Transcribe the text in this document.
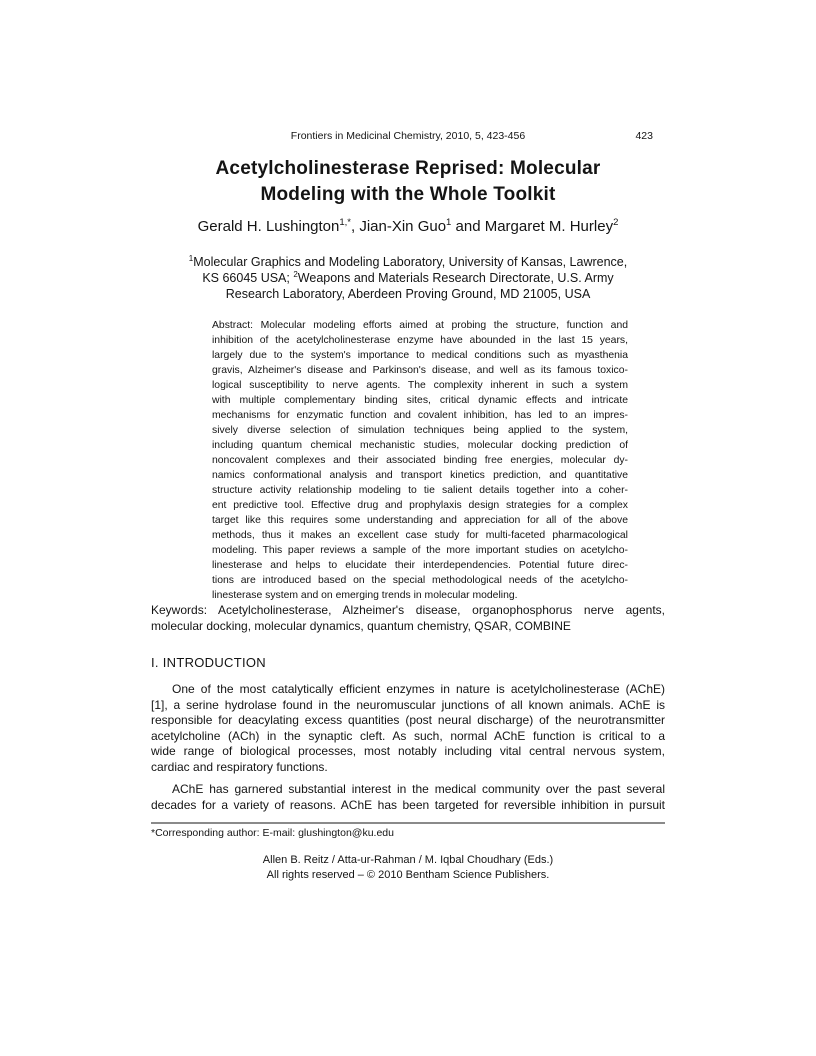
Frontiers in Medicinal Chemistry, 2010, 5, 423-456	423
Acetylcholinesterase Reprised: Molecular
Modeling with the Whole Toolkit
Gerald H. Lushington$^{1,*}$, Jian-Xin Guo$^1$ and Margaret M. Hurley$^2$
$^1$Molecular Graphics and Modeling Laboratory, University of Kansas, Lawrence,
KS 66045 USA; $^2$Weapons and Materials Research Directorate, U.S. Army
Research Laboratory, Aberdeen Proving Ground, MD 21005, USA
Abstract: Molecular modeling efforts aimed at probing the structure, function and
inhibition of the acetylcholinesterase enzyme have abounded in the last 15 years,
largely due to the system's importance to medical conditions such as myasthenia
gravis, Alzheimer's disease and Parkinson's disease, and well as its famous toxico-
logical susceptibility to nerve agents. The complexity inherent in such a system
with multiple complementary binding sites, critical dynamic effects and intricate
mechanisms for enzymatic function and covalent inhibition, has led to an impres-
sively diverse selection of simulation techniques being applied to the system,
including quantum chemical mechanistic studies, molecular docking prediction of
noncovalent complexes and their associated binding free energies, molecular dy-
namics conformational analysis and transport kinetics prediction, and quantitative
structure activity relationship modeling to tie salient details together into a coher-
ent predictive tool. Effective drug and prophylaxis design strategies for a complex
target like this requires some understanding and appreciation for all of the above
methods, thus it makes an excellent case study for multi-faceted pharmacological
modeling. This paper reviews a sample of the more important studies on acetylcho-
linesterase and helps to elucidate their interdependencies. Potential future direc-
tions are introduced based on the special methodological needs of the acetylcho-
linesterase system and on emerging trends in molecular modeling.
Keywords: Acetylcholinesterase, Alzheimer's disease, organophosphorus nerve agents,
molecular docking, molecular dynamics, quantum chemistry, QSAR, COMBINE
I. INTRODUCTION
One of the most catalytically efficient enzymes in nature is acetylcholinesterase (AChE)
[1], a serine hydrolase found in the neuromuscular junctions of all known animals. AChE is
responsible for deacylating excess quantities (post neural discharge) of the neurotransmitter
acetylcholine (ACh) in the synaptic cleft. As such, normal AChE function is critical to a
wide range of biological processes, most notably including vital central nervous system,
cardiac and respiratory functions.
AChE has garnered substantial interest in the medical community over the past several
decades for a variety of reasons. AChE has been targeted for reversible inhibition in pursuit
*Corresponding author: E-mail: glushington@ku.edu
Allen B. Reitz / Atta-ur-Rahman / M. Iqbal Choudhary (Eds.)
All rights reserved – © 2010 Bentham Science Publishers.
